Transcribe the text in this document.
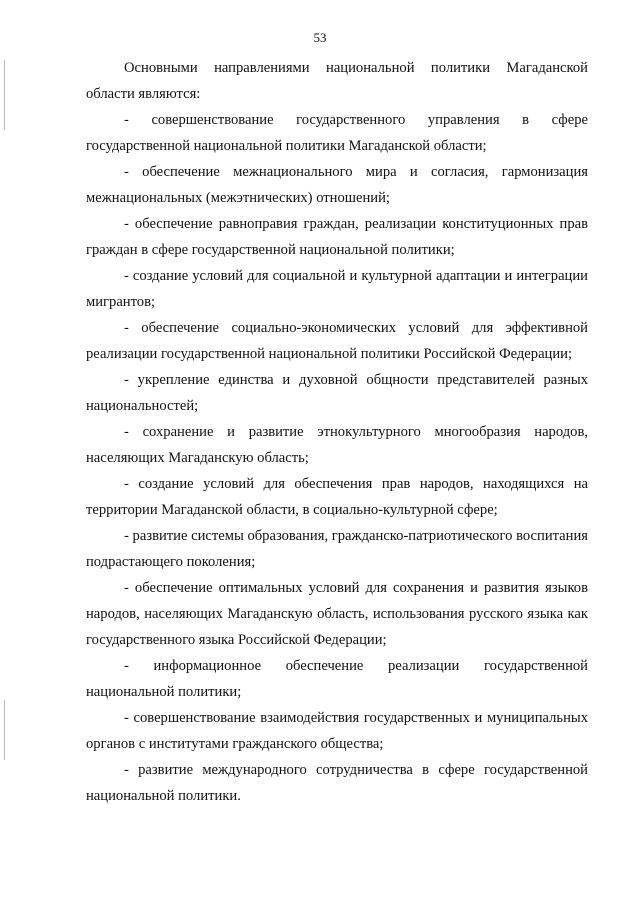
53

Основными направлениями национальной политики Магаданской области являются:

- совершенствование государственного управления в сфере государственной национальной политики Магаданской области;
- обеспечение межнационального мира и согласия, гармонизация межнациональных (межэтнических) отношений;
- обеспечение равноправия граждан, реализации конституционных прав граждан в сфере государственной национальной политики;
- создание условий для социальной и культурной адаптации и интеграции мигрантов;
- обеспечение социально-экономических условий для эффективной реализации государственной национальной политики Российской Федерации;
- укрепление единства и духовной общности представителей разных национальностей;
- сохранение и развитие этнокультурного многообразия народов, населяющих Магаданскую область;
- создание условий для обеспечения прав народов, находящихся на территории Магаданской области, в социально-культурной сфере;
- развитие системы образования, гражданско-патриотического воспитания подрастающего поколения;
- обеспечение оптимальных условий для сохранения и развития языков народов, населяющих Магаданскую область, использования русского языка как государственного языка Российской Федерации;
- информационное обеспечение реализации государственной национальной политики;
- совершенствование взаимодействия государственных и муниципальных органов с институтами гражданского общества;
- развитие международного сотрудничества в сфере государственной национальной политики.
